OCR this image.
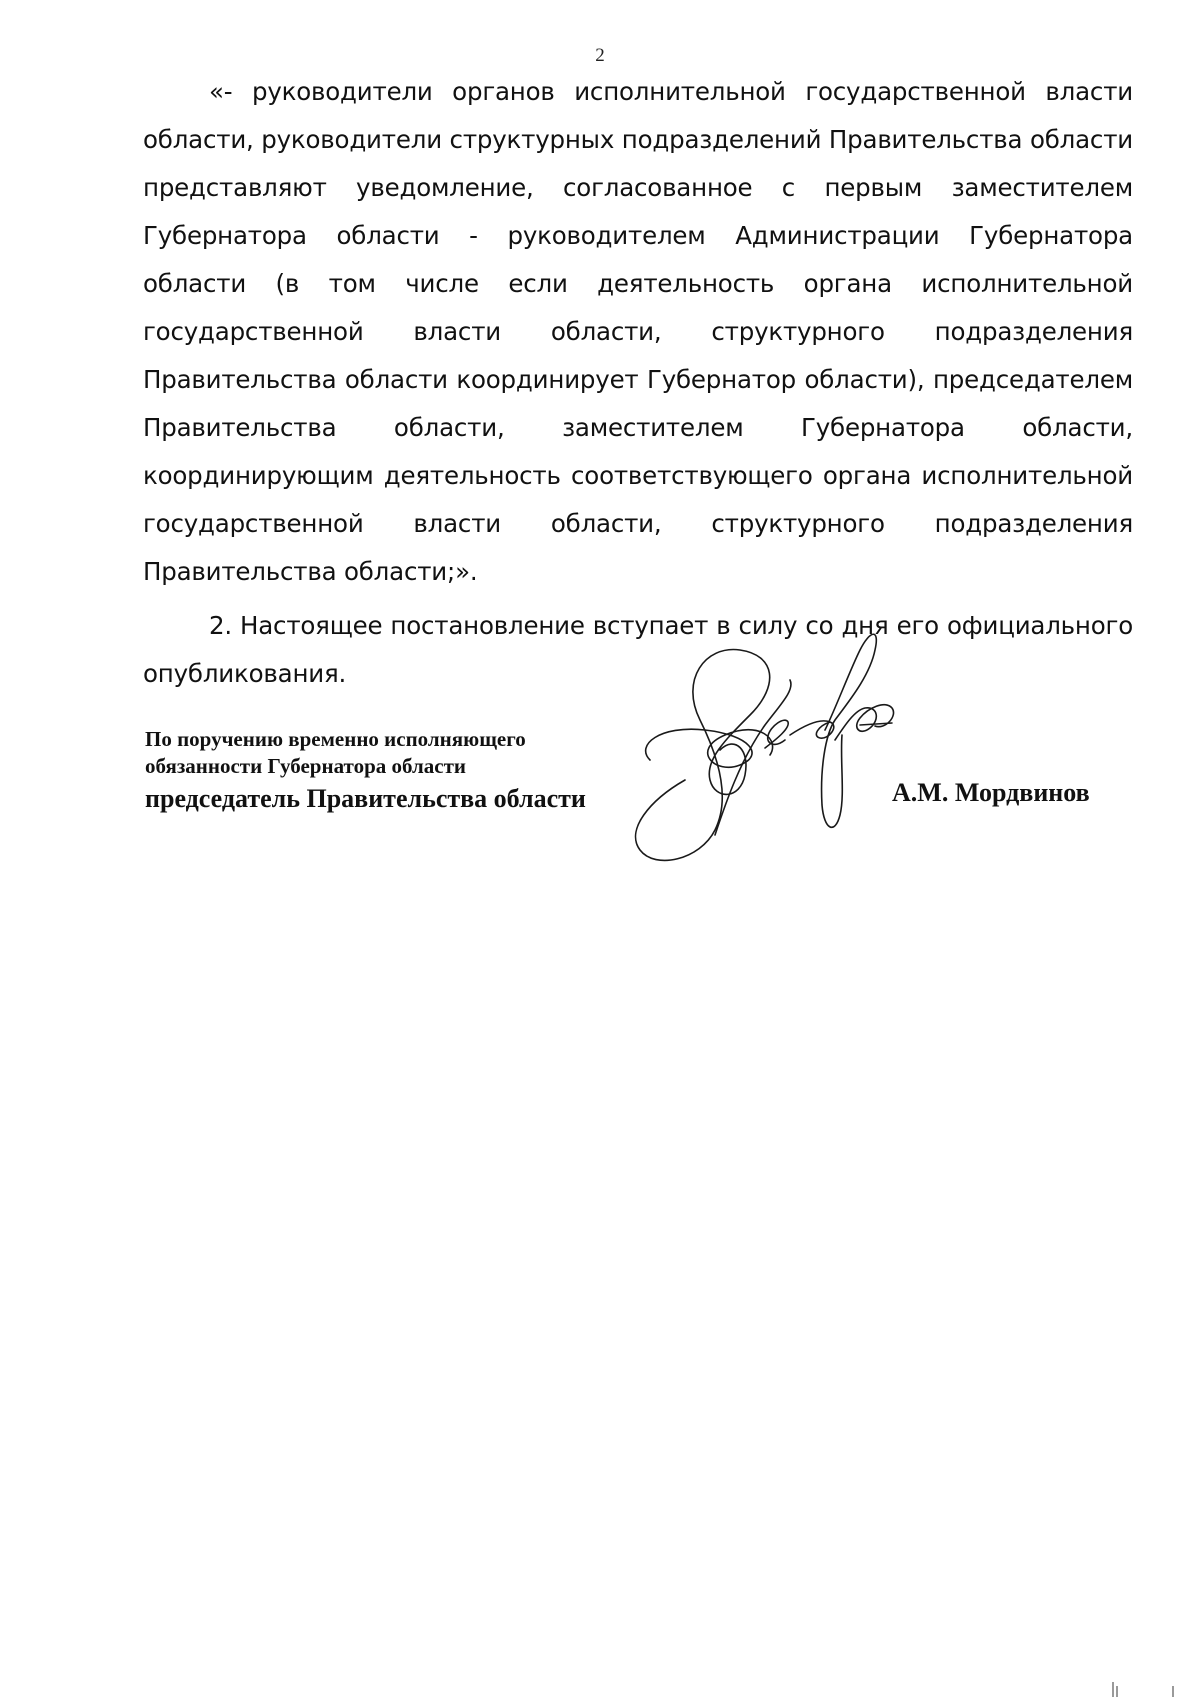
2

«- руководители органов исполнительной государственной власти области, руководители структурных подразделений Правительства области представляют уведомление, согласованное с первым заместителем Губернатора области - руководителем Администрации Губернатора области (в том числе если деятельность органа исполнительной государственной власти области, структурного подразделения Правительства области координирует Губернатор области), председателем Правительства области, заместителем Губернатора области, координирующим деятельность соответствующего органа исполнительной государственной власти области, структурного подразделения Правительства области;».

2. Настоящее постановление вступает в силу со дня его официального опубликования.

По поручению временно исполняющего
обязанности Губернатора области
председатель Правительства области	А.М. Мордвинов
